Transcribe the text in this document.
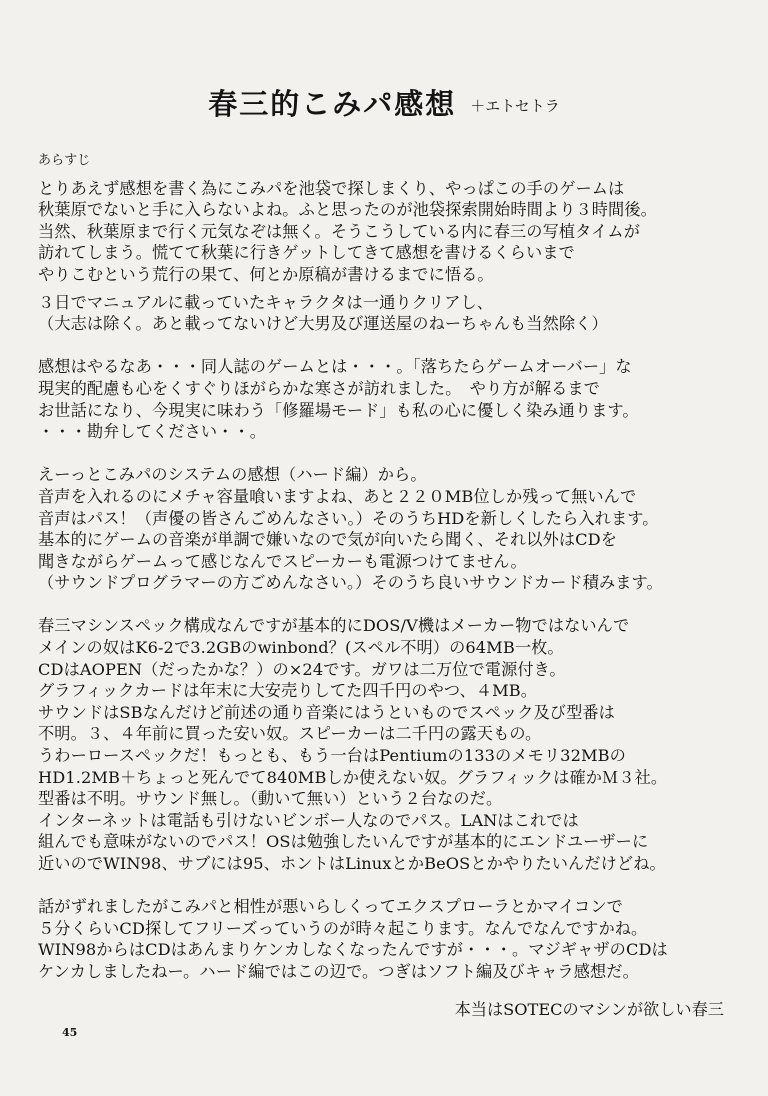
春三的こみパ感想 ＋エトセトラ
あらすじ
とりあえず感想を書く為にこみパを池袋で探しまくり、やっぱこの手のゲームは
秋葉原でないと手に入らないよね。ふと思ったのが池袋探索開始時間より３時間後。
当然、秋葉原まで行く元気なぞは無く。そうこうしている内に春三の写植タイムが
訪れてしまう。慌てて秋葉に行きゲットしてきて感想を書けるくらいまで
やりこむという荒行の果て、何とか原稿が書けるまでに悟る。
３日でマニュアルに載っていたキャラクタは一通りクリアし、
（大志は除く。あと載ってないけど大男及び運送屋のねーちゃんも当然除く）
感想はやるなあ・・・同人誌のゲームとは・・・。「落ちたらゲームオーバー」な
現実的配慮も心をくすぐりほがらかな寒さが訪れました。　やり方が解るまで
お世話になり、今現実に味わう「修羅場モード」も私の心に優しく染み通ります。
・・・勘弁してください・・。
えーっとこみパのシステムの感想（ハード編）から。
音声を入れるのにメチャ容量喰いますよね、あと２２０MB位しか残って無いんで
音声はパス！（声優の皆さんごめんなさい。）そのうちHDを新しくしたら入れます。
基本的にゲームの音楽が単調で嫌いなので気が向いたら聞く、それ以外はCDを
聞きながらゲームって感じなんでスピーカーも電源つけてません。
（サウンドプログラマーの方ごめんなさい。）そのうち良いサウンドカード積みます。
春三マシンスペック構成なんですが基本的にDOS/V機はメーカー物ではないんで
メインの奴はK6-2で3.2GBのwinbond？(スペル不明）の64MB一枚。
CDはAOPEN（だったかな？）の×24です。ガワは二万位で電源付き。
グラフィックカードは年末に大安売りしてた四千円のやつ、４MB。
サウンドはSBなんだけど前述の通り音楽にはうといものでスペック及び型番は
不明。３、４年前に買った安い奴。スピーカーは二千円の露天もの。
うわーロースペックだ！もっとも、もう一台はPentiumの133のメモリ32MBの
HD1.2MB＋ちょっと死んでて840MBしか使えない奴。グラフィックは確かＭ３社。
型番は不明。サウンド無し。（動いて無い）という２台なのだ。
インターネットは電話も引けないビンボー人なのでパス。LANはこれでは
組んでも意味がないのでパス！OSは勉強したいんですが基本的にエンドユーザーに
近いのでWIN98、サブには95、ホントはLinuxとかBeOSとかやりたいんだけどね。
話がずれましたがこみパと相性が悪いらしくってエクスプローラとかマイコンで
５分くらいCD探してフリーズっていうのが時々起こります。なんでなんですかね。
WIN98からはCDはあんまりケンカしなくなったんですが・・・。マジギャザのCDは
ケンカしましたねー。ハード編ではこの辺で。つぎはソフト編及びキャラ感想だ。
本当はSOTECのマシンが欲しい春三
45
